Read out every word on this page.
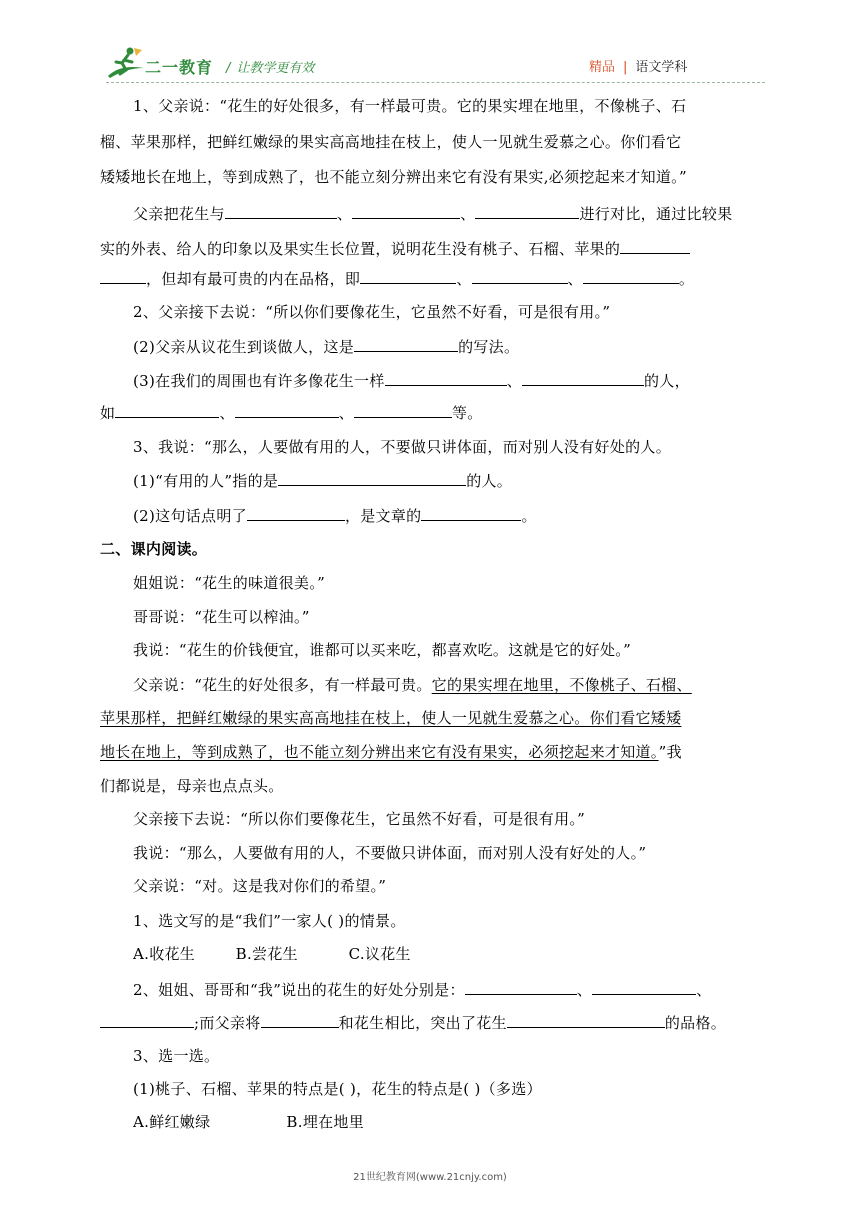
二一教育 / 让教学更有效	精品 | 语文学科
1、父亲说：“花生的好处很多，有一样最可贵。它的果实埋在地里，不像桃子、石
榴、苹果那样，把鲜红嫩绿的果实高高地挂在枝上，使人一见就生爱慕之心。你们看它
矮矮地长在地上，等到成熟了，也不能立刻分辨出来它有没有果实,必须挖起来才知道。”
父亲把花生与	、	、	进行对比，通过比较果
实的外表、给人的印象以及果实生长位置，说明花生没有桃子、石榴、苹果的
，但却有最可贵的内在品格，即	、	、	。
2、父亲接下去说：“所以你们要像花生，它虽然不好看，可是很有用。”
(2)父亲从议花生到谈做人，这是	的写法。
(3)在我们的周围也有许多像花生一样	、	的人，
如	、	、	等。
3、我说：“那么，人要做有用的人，不要做只讲体面，而对别人没有好处的人。
(1)“有用的人”指的是	的人。
(2)这句话点明了	，是文章的	。
二、课内阅读。
姐姐说：“花生的味道很美。”
哥哥说：“花生可以榨油。”
我说：“花生的价钱便宜，谁都可以买来吃，都喜欢吃。这就是它的好处。”
父亲说：“花生的好处很多，有一样最可贵。它的果实埋在地里，不像桃子、石榴、
苹果那样，把鲜红嫩绿的果实高高地挂在枝上，使人一见就生爱慕之心。你们看它矮矮
地长在地上，等到成熟了，也不能立刻分辨出来它有没有果实，必须挖起来才知道。”我
们都说是，母亲也点点头。
父亲接下去说：“所以你们要像花生，它虽然不好看，可是很有用。”
我说：“那么，人要做有用的人，不要做只讲体面，而对别人没有好处的人。”
父亲说：“对。这是我对你们的希望。”
1、选文写的是“我们”一家人( )的情景。
A.收花生        B.尝花生          C.议花生
2、姐姐、哥哥和“我”说出的花生的好处分别是：	、	、
;而父亲将	和花生相比，突出了花生	的品格。
3、选一选。
(1)桃子、石榴、苹果的特点是( )，花生的特点是( )（多选）
A.鲜红嫩绿               B.埋在地里
21世纪教育网(www.21cnjy.com)
